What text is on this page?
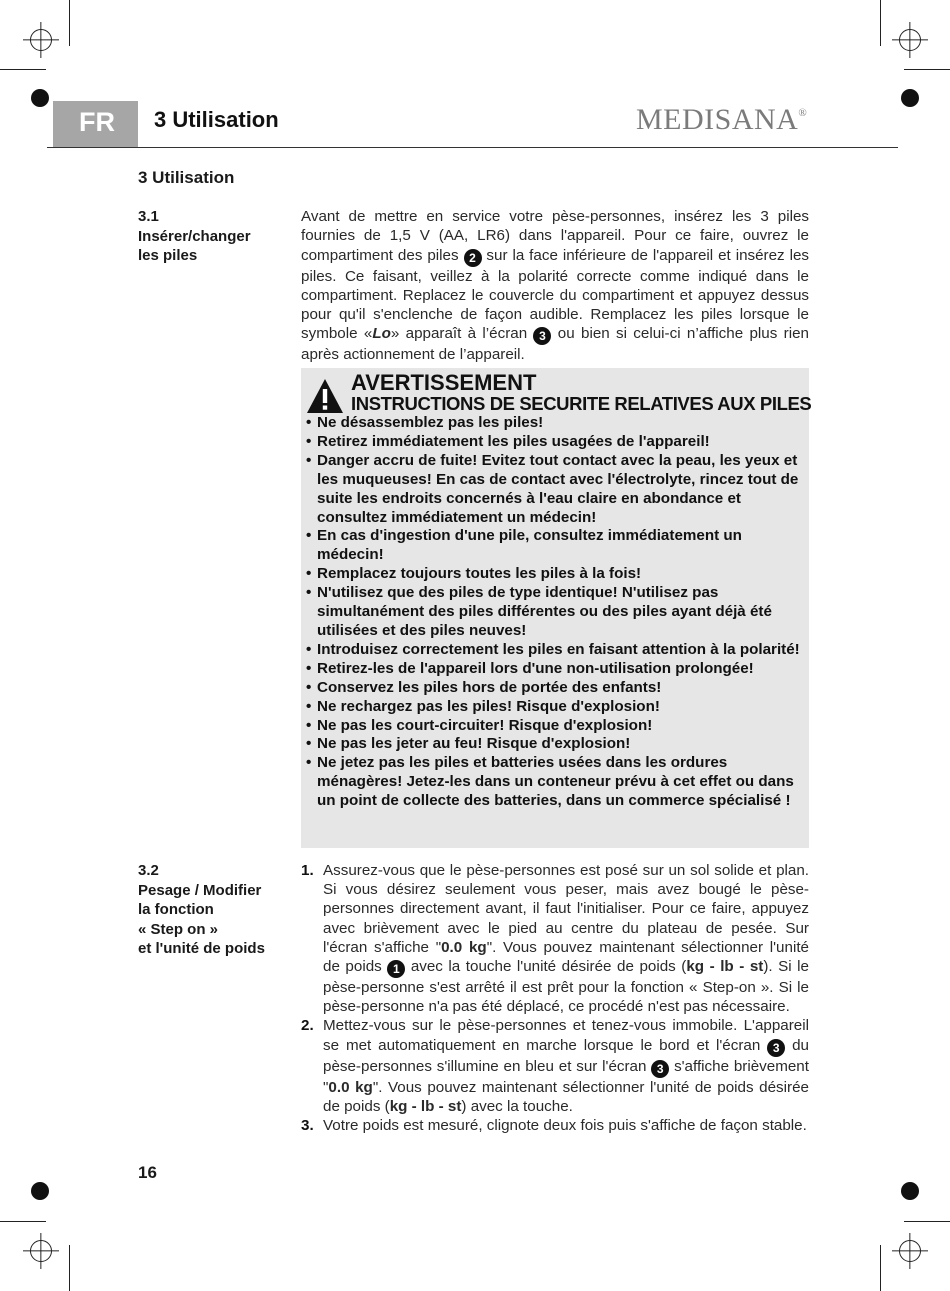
FR	3 Utilisation	MEDISANA®
3 Utilisation
3.1
Insérer/changer
les piles
Avant de mettre en service votre pèse-personnes, insérez les 3 piles fournies de 1,5 V (AA, LR6) dans l'appareil. Pour ce faire, ouvrez le compartiment des piles 2 sur la face inférieure de l'appareil et insérez les piles. Ce faisant, veillez à la polarité correcte comme indiqué dans le compartiment. Replacez le couvercle du compartiment et appuyez dessus pour qu'il s'enclenche de façon audible. Remplacez les piles lorsque le symbole «Lo» apparaît à l’écran 3 ou bien si celui-ci n’affiche plus rien après actionnement de l’appareil.
AVERTISSEMENT
INSTRUCTIONS DE SECURITE RELATIVES AUX PILES
• Ne désassemblez pas les piles!
• Retirez immédiatement les piles usagées de l'appareil!
• Danger accru de fuite! Evitez tout contact avec la peau, les yeux et les muqueuses! En cas de contact avec l'électrolyte, rincez tout de suite les endroits concernés à l'eau claire en abondance et consultez immédiatement un médecin!
• En cas d'ingestion d'une pile, consultez immédiatement un médecin!
• Remplacez toujours toutes les piles à la fois!
• N'utilisez que des piles de type identique! N'utilisez pas simultanément des piles différentes ou des piles ayant déjà été utilisées et des piles neuves!
• Introduisez correctement les piles en faisant attention à la polarité!
• Retirez-les de l'appareil lors d'une non-utilisation prolongée!
• Conservez les piles hors de portée des enfants!
• Ne rechargez pas les piles! Risque d'explosion!
• Ne pas les court-circuiter! Risque d'explosion!
• Ne pas les jeter au feu! Risque d'explosion!
• Ne jetez pas les piles et batteries usées dans les ordures ménagères! Jetez-les dans un conteneur prévu à cet effet ou dans un point de collecte des batteries, dans un commerce spécialisé !
3.2
Pesage / Modifier
la fonction
« Step on »
et l'unité de poids
1. Assurez-vous que le pèse-personnes est posé sur un sol solide et plan. Si vous désirez seulement vous peser, mais avez bougé le pèse-personnes directement avant, il faut l'initialiser. Pour ce faire, appuyez avec brièvement avec le pied au centre du plateau de pesée. Sur l'écran s'affiche "0.0 kg". Vous pouvez maintenant sélectionner l'unité de poids 1 avec la touche l'unité désirée de poids (kg - lb - st). Si le pèse-personne s'est arrêté il est prêt pour la fonction « Step-on ». Si le pèse-personne n'a pas été déplacé, ce procédé n'est pas nécessaire.
2. Mettez-vous sur le pèse-personnes et tenez-vous immobile. L'appareil se met automatiquement en marche lorsque le bord et l'écran 3 du pèse-personnes s'illumine en bleu et sur l'écran 3 s'affiche brièvement "0.0 kg". Vous pouvez maintenant sélectionner l'unité de poids désirée de poids (kg - lb - st) avec la touche.
3. Votre poids est mesuré, clignote deux fois puis s'affiche de façon stable.
16
